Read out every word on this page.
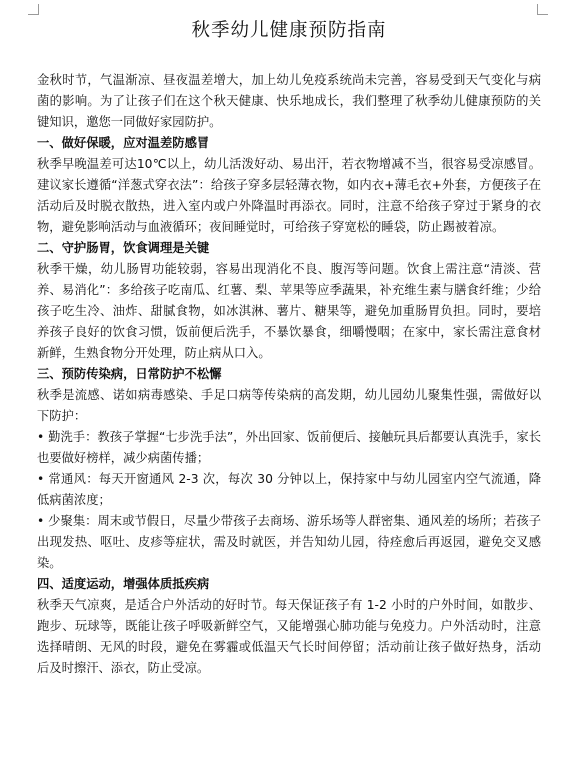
秋季幼儿健康预防指南

金秋时节，气温渐凉、昼夜温差增大，加上幼儿免疫系统尚未完善，容易受到天气变化与病菌的影响。为了让孩子们在这个秋天健康、快乐地成长，我们整理了秋季幼儿健康预防的关键知识，邀您一同做好家园防护。

一、做好保暖，应对温差防感冒

秋季早晚温差可达10℃以上，幼儿活泼好动、易出汗，若衣物增减不当，很容易受凉感冒。建议家长遵循“洋葱式穿衣法”：给孩子穿多层轻薄衣物，如内衣+薄毛衣+外套，方便孩子在活动后及时脱衣散热，进入室内或户外降温时再添衣。同时，注意不给孩子穿过于紧身的衣物，避免影响活动与血液循环；夜间睡觉时，可给孩子穿宽松的睡袋，防止踢被着凉。

二、守护肠胃，饮食调理是关键

秋季干燥，幼儿肠胃功能较弱，容易出现消化不良、腹泻等问题。饮食上需注意“清淡、营养、易消化”：多给孩子吃南瓜、红薯、梨、苹果等应季蔬果，补充维生素与膳食纤维；少给孩子吃生冷、油炸、甜腻食物，如冰淇淋、薯片、糖果等，避免加重肠胃负担。同时，要培养孩子良好的饮食习惯，饭前便后洗手，不暴饮暴食，细嚼慢咽；在家中，家长需注意食材新鲜，生熟食物分开处理，防止病从口入。

三、预防传染病，日常防护不松懈

秋季是流感、诺如病毒感染、手足口病等传染病的高发期，幼儿园幼儿聚集性强，需做好以下防护：

• 勤洗手：教孩子掌握“七步洗手法”，外出回家、饭前便后、接触玩具后都要认真洗手，家长也要做好榜样，减少病菌传播；

• 常通风：每天开窗通风 2-3 次，每次 30 分钟以上，保持家中与幼儿园室内空气流通，降低病菌浓度；

• 少聚集：周末或节假日，尽量少带孩子去商场、游乐场等人群密集、通风差的场所；若孩子出现发热、呕吐、皮疹等症状，需及时就医，并告知幼儿园，待痊愈后再返园，避免交叉感染。

四、适度运动，增强体质抵疾病

秋季天气凉爽，是适合户外活动的好时节。每天保证孩子有 1-2 小时的户外时间，如散步、跑步、玩球等，既能让孩子呼吸新鲜空气，又能增强心肺功能与免疫力。户外活动时，注意选择晴朗、无风的时段，避免在雾霾或低温天气长时间停留；活动前让孩子做好热身，活动后及时擦汗、添衣，防止受凉。
